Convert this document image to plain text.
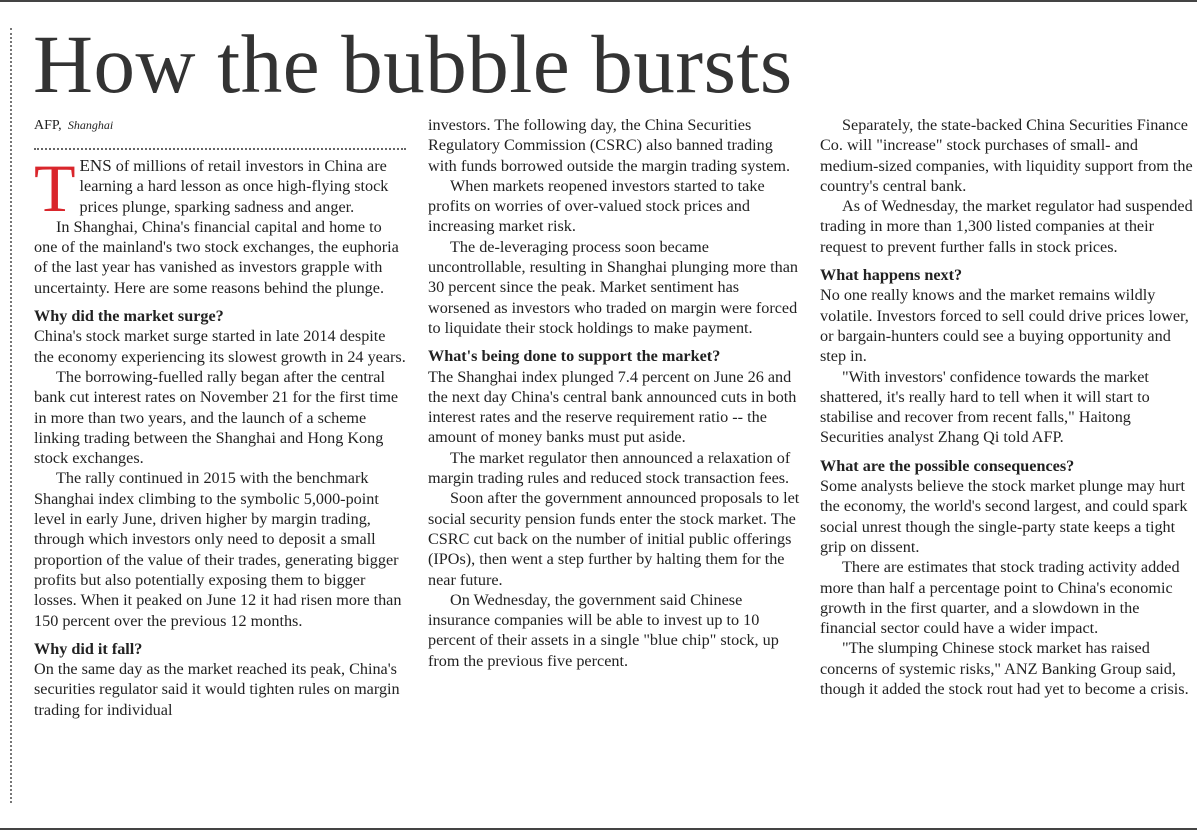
How the bubble bursts
AFP, Shanghai

TENS of millions of retail investors in China are learning a hard lesson as once high-flying stock prices plunge, sparking sadness and anger.

In Shanghai, China's financial capital and home to one of the mainland's two stock exchanges, the euphoria of the last year has vanished as investors grapple with uncertainty. Here are some reasons behind the plunge.

Why did the market surge?

China's stock market surge started in late 2014 despite the economy experiencing its slowest growth in 24 years.

The borrowing-fuelled rally began after the central bank cut interest rates on November 21 for the first time in more than two years, and the launch of a scheme linking trading between the Shanghai and Hong Kong stock exchanges.

The rally continued in 2015 with the benchmark Shanghai index climbing to the symbolic 5,000-point level in early June, driven higher by margin trading, through which investors only need to deposit a small proportion of the value of their trades, generating bigger profits but also potentially exposing them to bigger losses. When it peaked on June 12 it had risen more than 150 percent over the previous 12 months.

Why did it fall?

On the same day as the market reached its peak, China's securities regulator said it would tighten rules on margin trading for individual

investors. The following day, the China Securities Regulatory Commission (CSRC) also banned trading with funds borrowed outside the margin trading system.

When markets reopened investors started to take profits on worries of over-valued stock prices and increasing market risk.

The de-leveraging process soon became uncontrollable, resulting in Shanghai plunging more than 30 percent since the peak. Market sentiment has worsened as investors who traded on margin were forced to liquidate their stock holdings to make payment.

What's being done to support the market?

The Shanghai index plunged 7.4 percent on June 26 and the next day China's central bank announced cuts in both interest rates and the reserve requirement ratio -- the amount of money banks must put aside.

The market regulator then announced a relaxation of margin trading rules and reduced stock transaction fees.

Soon after the government announced proposals to let social security pension funds enter the stock market. The CSRC cut back on the number of initial public offerings (IPOs), then went a step further by halting them for the near future.

On Wednesday, the government said Chinese insurance companies will be able to invest up to 10 percent of their assets in a single "blue chip" stock, up from the previous five percent.

Separately, the state-backed China Securities Finance Co. will "increase" stock purchases of small- and medium-sized companies, with liquidity support from the country's central bank.

As of Wednesday, the market regulator had suspended trading in more than 1,300 listed companies at their request to prevent further falls in stock prices.

What happens next?

No one really knows and the market remains wildly volatile. Investors forced to sell could drive prices lower, or bargain-hunters could see a buying opportunity and step in.

"With investors' confidence towards the market shattered, it's really hard to tell when it will start to stabilise and recover from recent falls," Haitong Securities analyst Zhang Qi told AFP.

What are the possible consequences?

Some analysts believe the stock market plunge may hurt the economy, the world's second largest, and could spark social unrest though the single-party state keeps a tight grip on dissent.

There are estimates that stock trading activity added more than half a percentage point to China's economic growth in the first quarter, and a slowdown in the financial sector could have a wider impact.

"The slumping Chinese stock market has raised concerns of systemic risks," ANZ Banking Group said, though it added the stock rout had yet to become a crisis.
